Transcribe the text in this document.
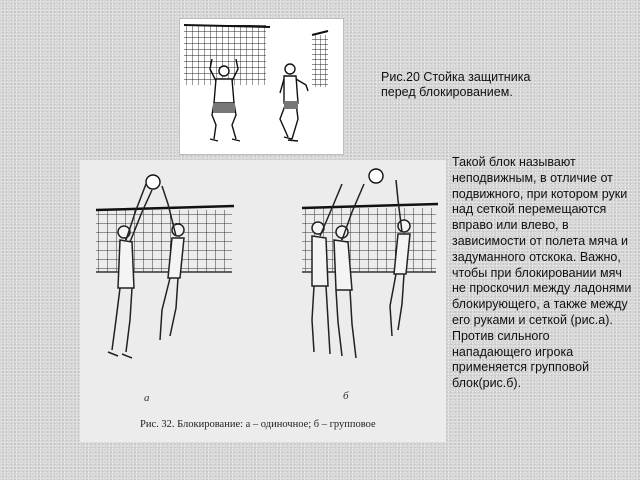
Рис.20 Стойка защитника
перед блокированием.
а	б
Рис. 32. Блокирование: а – одиночное; б – групповое
Такой блок называют неподвижным, в отличие от подвижного, при котором руки над сеткой перемещаются вправо или влево, в зависимости от полета мяча и задуманного отскока. Важно, чтобы при блокировании мяч не проскочил между ладонями блокирующего, а также между его руками и сеткой (рис.а). Против сильного нападающего игрока применяется групповой блок(рис.б).
